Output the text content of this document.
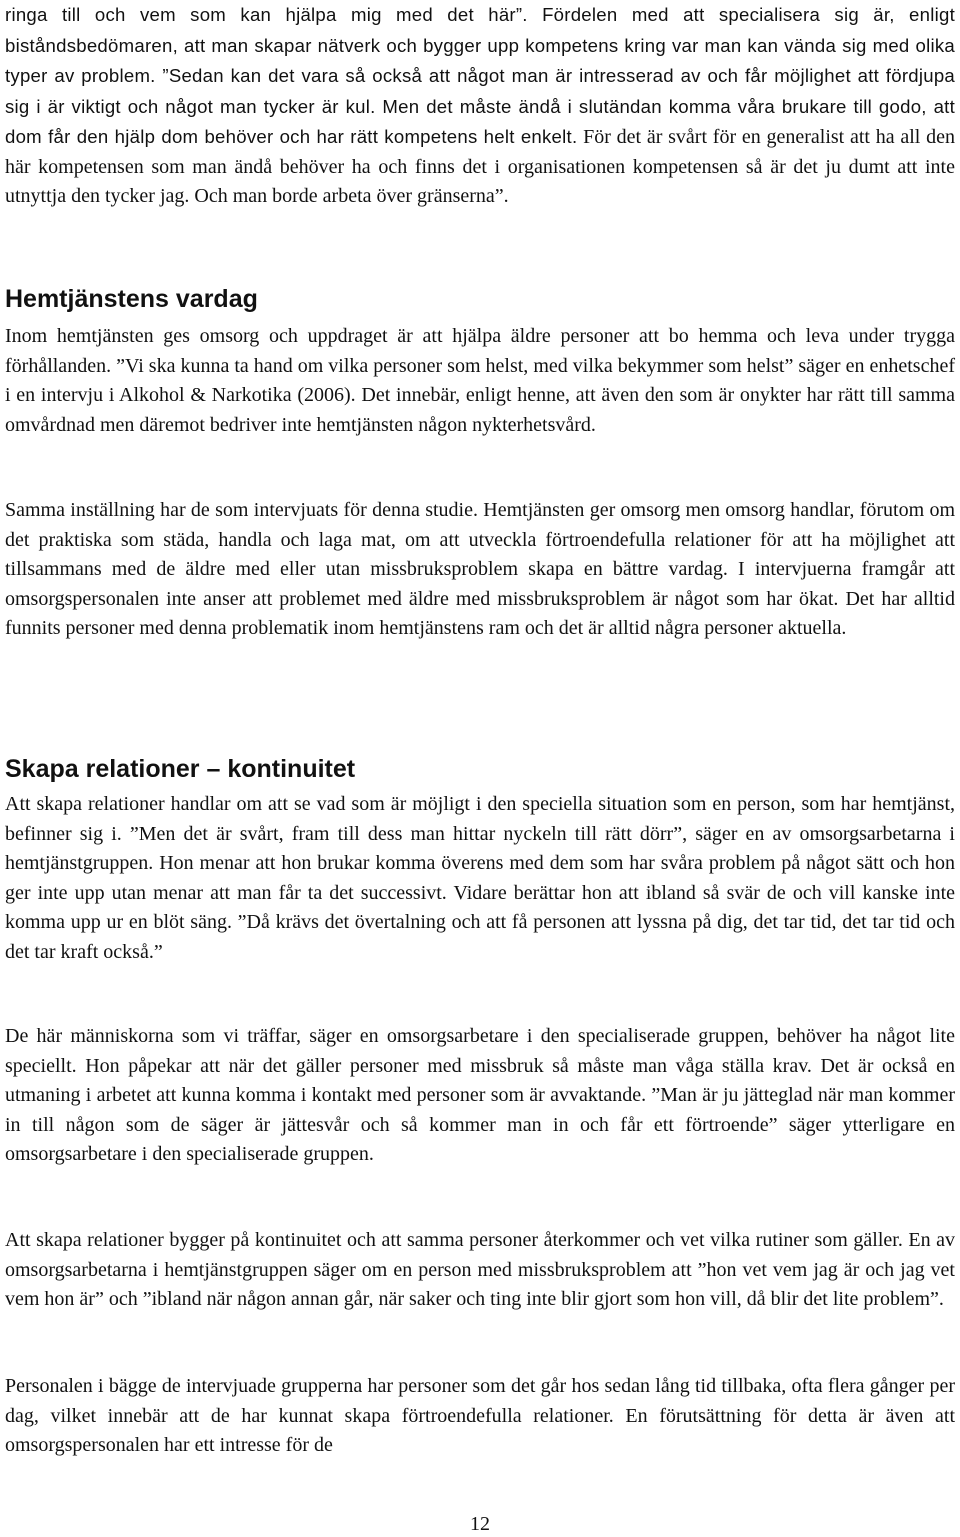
ringa till och vem som kan hjälpa mig med det här”. Fördelen med att specialisera sig är, enligt biståndsbedömaren, att man skapar nätverk och bygger upp kompetens kring var man kan vända sig med olika typer av problem. ”Sedan kan det vara så också att något man är intresserad av och får möjlighet att fördjupa sig i är viktigt och något man tycker är kul. Men det måste ändå i slutändan komma våra brukare till godo, att dom får den hjälp dom behöver och har rätt kompetens helt enkelt. För det är svårt för en generalist att ha all den här kompetensen som man ändå behöver ha och finns det i organisationen kompetensen så är det ju dumt att inte utnyttja den tycker jag. Och man borde arbeta över gränserna”.

Hemtjänstens vardag

Inom hemtjänsten ges omsorg och uppdraget är att hjälpa äldre personer att bo hemma och leva under trygga förhållanden. ”Vi ska kunna ta hand om vilka personer som helst, med vilka bekymmer som helst” säger en enhetschef i en intervju i Alkohol & Narkotika (2006). Det innebär, enligt henne, att även den som är onykter har rätt till samma omvårdnad men däremot bedriver inte hemtjänsten någon nykterhetsvård.

Samma inställning har de som intervjuats för denna studie. Hemtjänsten ger omsorg men omsorg handlar, förutom om det praktiska som städa, handla och laga mat, om att utveckla förtroendefulla relationer för att ha möjlighet att tillsammans med de äldre med eller utan missbruksproblem skapa en bättre vardag. I intervjuerna framgår att omsorgspersonalen inte anser att problemet med äldre med missbruksproblem är något som har ökat. Det har alltid funnits personer med denna problematik inom hemtjänstens ram och det är alltid några personer aktuella.

Skapa relationer – kontinuitet

Att skapa relationer handlar om att se vad som är möjligt i den speciella situation som en person, som har hemtjänst, befinner sig i. ”Men det är svårt, fram till dess man hittar nyckeln till rätt dörr”, säger en av omsorgsarbetarna i hemtjänstgruppen. Hon menar att hon brukar komma överens med dem som har svåra problem på något sätt och hon ger inte upp utan menar att man får ta det successivt. Vidare berättar hon att ibland så svär de och vill kanske inte komma upp ur en blöt säng. ”Då krävs det övertalning och att få personen att lyssna på dig, det tar tid, det tar tid och det tar kraft också.”

De här människorna som vi träffar, säger en omsorgsarbetare i den specialiserade gruppen, behöver ha något lite speciellt. Hon påpekar att när det gäller personer med missbruk så måste man våga ställa krav. Det är också en utmaning i arbetet att kunna komma i kontakt med personer som är avvaktande. ”Man är ju jätteglad när man kommer in till någon som de säger är jättesvår och så kommer man in och får ett förtroende” säger ytterligare en omsorgsarbetare i den specialiserade gruppen.

Att skapa relationer bygger på kontinuitet och att samma personer återkommer och vet vilka rutiner som gäller. En av omsorgsarbetarna i hemtjänstgruppen säger om en person med missbruksproblem att ”hon vet vem jag är och jag vet vem hon är” och ”ibland när någon annan går, när saker och ting inte blir gjort som hon vill, då blir det lite problem”.

Personalen i bägge de intervjuade grupperna har personer som det går hos sedan lång tid tillbaka, ofta flera gånger per dag, vilket innebär att de har kunnat skapa förtroendefulla relationer. En förutsättning för detta är även att omsorgspersonalen har ett intresse för de

12
